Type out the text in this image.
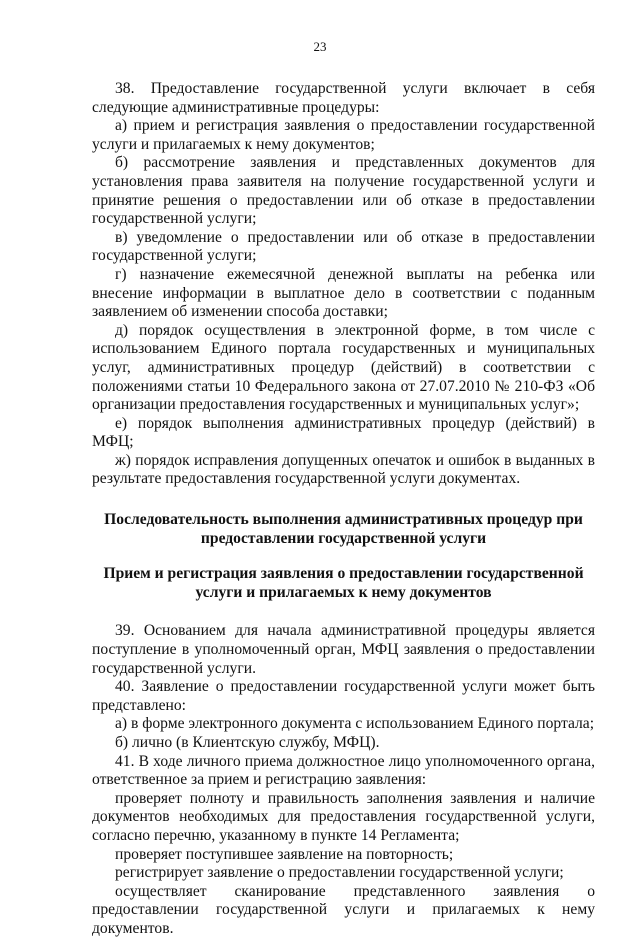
23

38. Предоставление государственной услуги включает в себя следующие административные процедуры:

а) прием и регистрация заявления о предоставлении государственной услуги и прилагаемых к нему документов;

б) рассмотрение заявления и представленных документов для установления права заявителя на получение государственной услуги и принятие решения о предоставлении или об отказе в предоставлении государственной услуги;

в) уведомление о предоставлении или об отказе в предоставлении государственной услуги;

г) назначение ежемесячной денежной выплаты на ребенка или внесение информации в выплатное дело в соответствии с поданным заявлением об изменении способа доставки;

д) порядок осуществления в электронной форме, в том числе с использованием Единого портала государственных и муниципальных услуг, административных процедур (действий) в соответствии с положениями статьи 10 Федерального закона от 27.07.2010 № 210-ФЗ «Об организации предоставления государственных и муниципальных услуг»;

е) порядок выполнения административных процедур (действий) в МФЦ;

ж) порядок исправления допущенных опечаток и ошибок в выданных в результате предоставления государственной услуги документах.

Последовательность выполнения административных процедур при предоставлении государственной услуги

Прием и регистрация заявления о предоставлении государственной услуги и прилагаемых к нему документов

39. Основанием для начала административной процедуры является поступление в уполномоченный орган, МФЦ заявления о предоставлении государственной услуги.

40. Заявление о предоставлении государственной услуги может быть представлено:

а) в форме электронного документа с использованием Единого портала;

б) лично (в Клиентскую службу, МФЦ).

41. В ходе личного приема должностное лицо уполномоченного органа, ответственное за прием и регистрацию заявления:

проверяет полноту и правильность заполнения заявления и наличие документов необходимых для предоставления государственной услуги, согласно перечню, указанному в пункте 14 Регламента;

проверяет поступившее заявление на повторность;

регистрирует заявление о предоставлении государственной услуги;

осуществляет сканирование представленного заявления о предоставлении государственной услуги и прилагаемых к нему документов.
